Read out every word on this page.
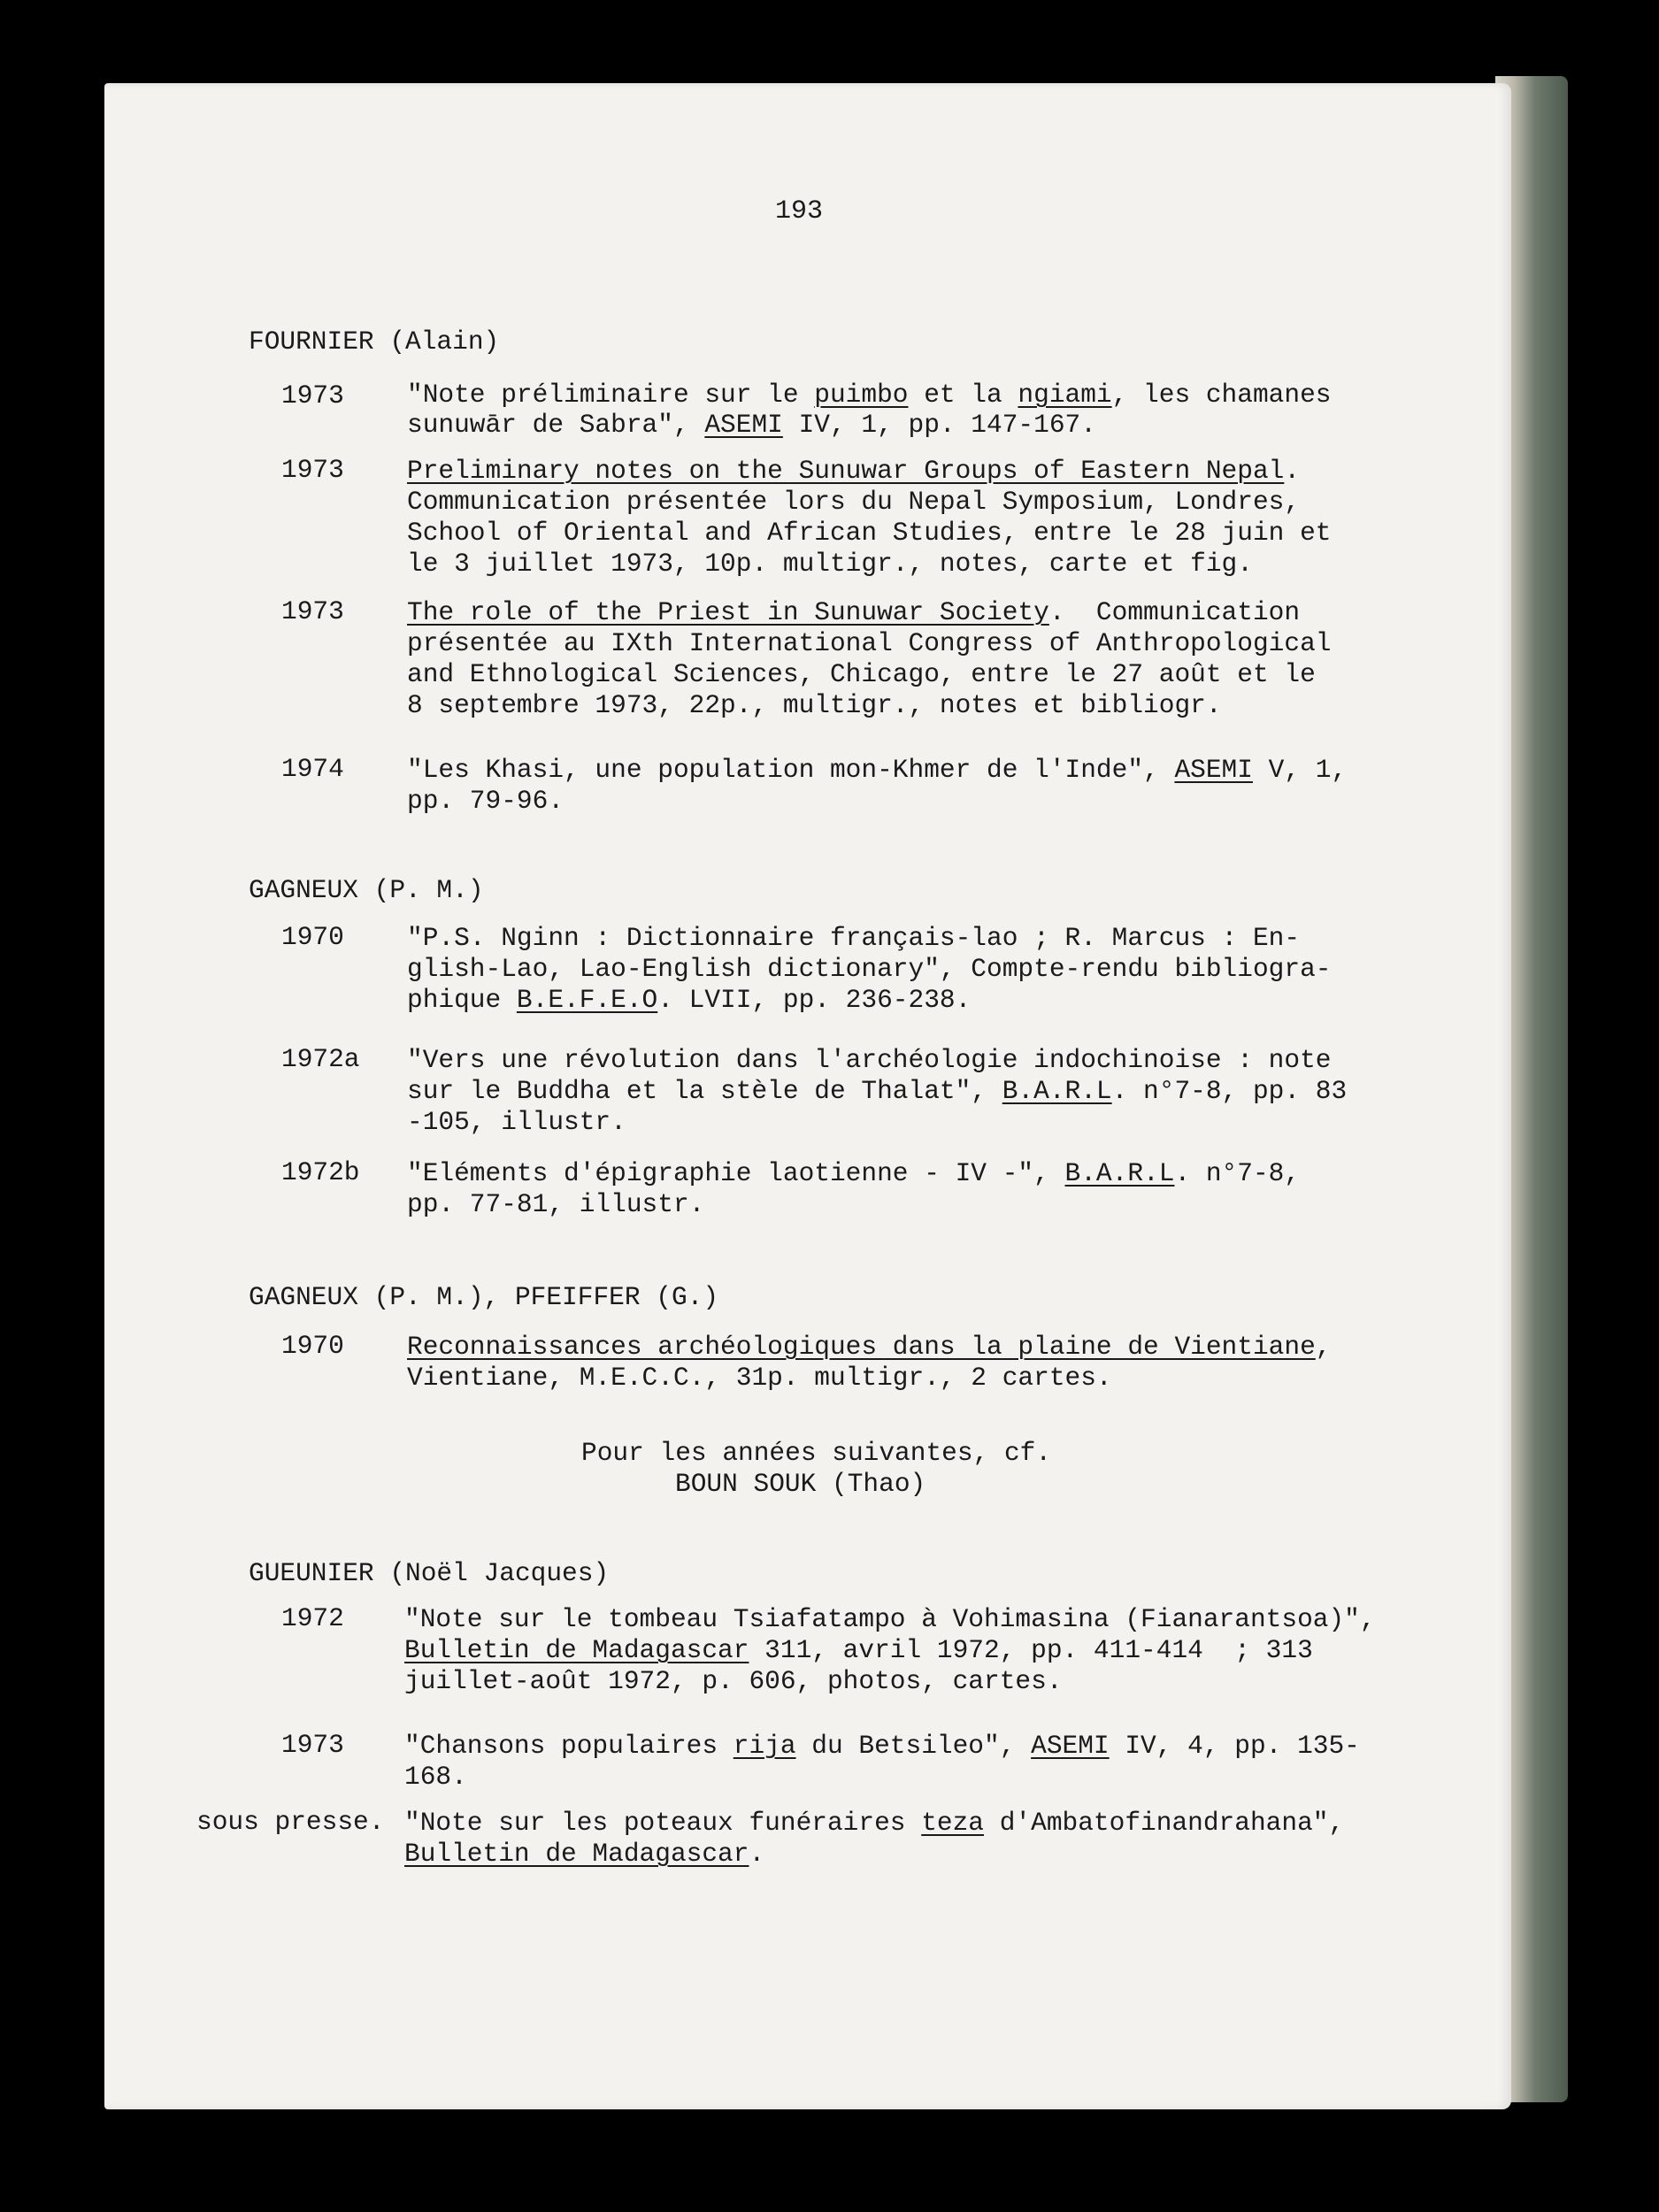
193
FOURNIER (Alain)
1973 "Note préliminaire sur le puimbo et la ngiami, les chamanes
sunuwār de Sabra", ASEMI IV, 1, pp. 147-167.
1973 Preliminary notes on the Sunuwar Groups of Eastern Nepal.
Communication présentée lors du Nepal Symposium, Londres,
School of Oriental and African Studies, entre le 28 juin et
le 3 juillet 1973, 10p. multigr., notes, carte et fig.
1973 The role of the Priest in Sunuwar Society.  Communication
présentée au IXth International Congress of Anthropological
and Ethnological Sciences, Chicago, entre le 27 août et le
8 septembre 1973, 22p., multigr., notes et bibliogr.
1974 "Les Khasi, une population mon-Khmer de l'Inde", ASEMI V, 1,
pp. 79-96.
GAGNEUX (P. M.)
1970 "P.S. Nginn : Dictionnaire français-lao ; R. Marcus : En-
glish-Lao, Lao-English dictionary", Compte-rendu bibliogra-
phique B.E.F.E.O. LVII, pp. 236-238.
1972a "Vers une révolution dans l'archéologie indochinoise : note
sur le Buddha et la stèle de Thalat", B.A.R.L. n°7-8, pp. 83
-105, illustr.
1972b "Eléments d'épigraphie laotienne - IV -", B.A.R.L. n°7-8,
pp. 77-81, illustr.
GAGNEUX (P. M.), PFEIFFER (G.)
1970 Reconnaissances archéologiques dans la plaine de Vientiane,
Vientiane, M.E.C.C., 31p. multigr., 2 cartes.
Pour les années suivantes, cf.
BOUN SOUK (Thao)
GUEUNIER (Noël Jacques)
1972 "Note sur le tombeau Tsiafatampo à Vohimasina (Fianarantsoa)",
Bulletin de Madagascar 311, avril 1972, pp. 411-414  ; 313
juillet-août 1972, p. 606, photos, cartes.
1973 "Chansons populaires rija du Betsileo", ASEMI IV, 4, pp. 135-
168.
sous presse. "Note sur les poteaux funéraires teza d'Ambatofinandrahana",
Bulletin de Madagascar.
